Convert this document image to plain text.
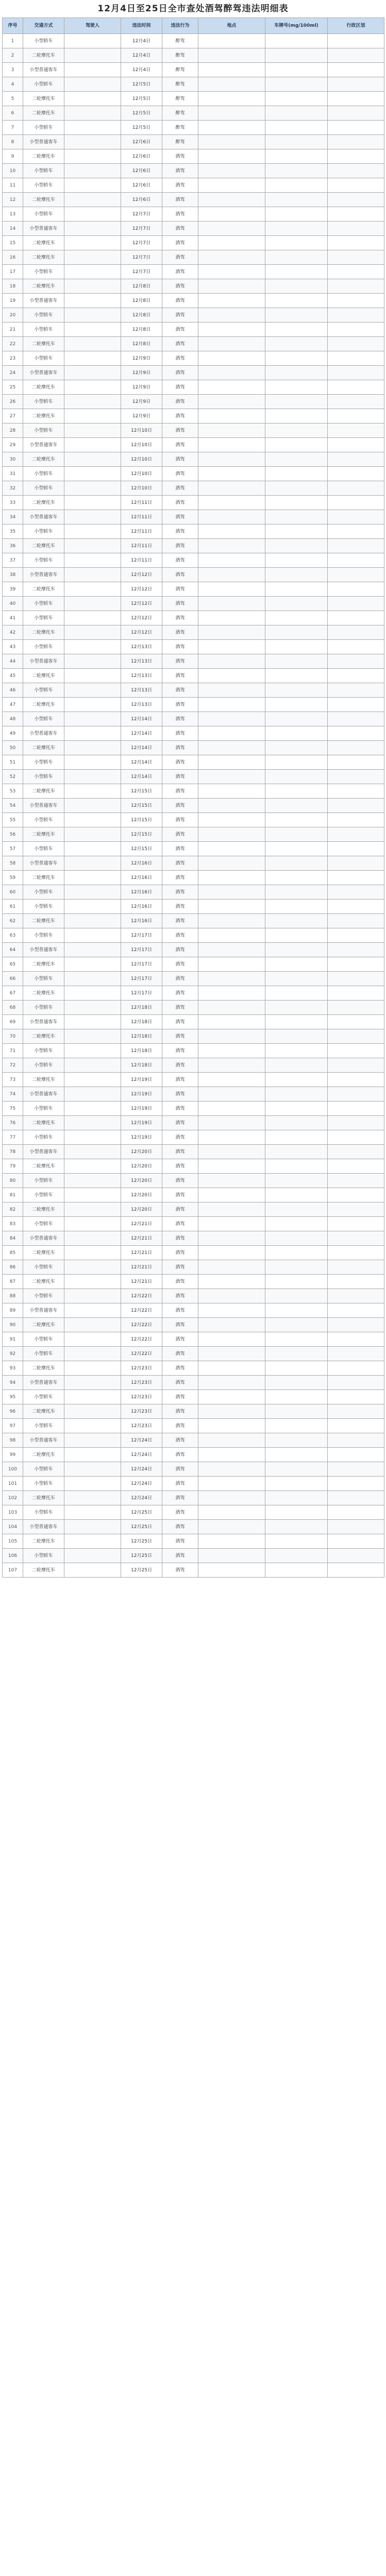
12月4日至25日全市查处酒驾醉驾违法明细表
序号	交通方式	驾驶人	违法时间	违法行为	地点	车牌号(mg/100ml)	行政区划
1	小型轿车		12月4日	醉驾			
2	二轮摩托车		12月4日	醉驾			
3	小型普通客车		12月4日	醉驾			
4	小型轿车		12月5日	醉驾			
5	二轮摩托车		12月5日	醉驾			
6	二轮摩托车		12月5日	醉驾			
7	小型轿车		12月5日	醉驾			
8	小型普通客车		12月6日	醉驾			
9	二轮摩托车		12月6日	酒驾			
10	小型轿车		12月6日	酒驾			
11	小型轿车		12月6日	酒驾			
12	二轮摩托车		12月6日	酒驾			
13	小型轿车		12月7日	酒驾			
14	小型普通客车		12月7日	酒驾			
15	二轮摩托车		12月7日	酒驾			
16	二轮摩托车		12月7日	酒驾			
17	小型轿车		12月7日	酒驾			
18	二轮摩托车		12月8日	酒驾			
19	小型普通客车		12月8日	酒驾			
20	小型轿车		12月8日	酒驾			
21	小型轿车		12月8日	酒驾			
22	二轮摩托车		12月8日	酒驾			
23	小型轿车		12月9日	酒驾			
24	小型普通客车		12月9日	酒驾			
25	二轮摩托车		12月9日	酒驾			
26	小型轿车		12月9日	酒驾			
27	二轮摩托车		12月9日	酒驾			
28	小型轿车		12月10日	酒驾			
29	小型普通客车		12月10日	酒驾			
30	二轮摩托车		12月10日	酒驾			
31	小型轿车		12月10日	酒驾			
32	小型轿车		12月10日	酒驾			
33	二轮摩托车		12月11日	酒驾			
34	小型普通客车		12月11日	酒驾			
35	小型轿车		12月11日	酒驾			
36	二轮摩托车		12月11日	酒驾			
37	小型轿车		12月11日	酒驾			
38	小型普通客车		12月12日	酒驾			
39	二轮摩托车		12月12日	酒驾			
40	小型轿车		12月12日	酒驾			
41	小型轿车		12月12日	酒驾			
42	二轮摩托车		12月12日	酒驾			
43	小型轿车		12月13日	酒驾			
44	小型普通客车		12月13日	酒驾			
45	二轮摩托车		12月13日	酒驾			
46	小型轿车		12月13日	酒驾			
47	二轮摩托车		12月13日	酒驾			
48	小型轿车		12月14日	酒驾			
49	小型普通客车		12月14日	酒驾			
50	二轮摩托车		12月14日	酒驾			
51	小型轿车		12月14日	酒驾			
52	小型轿车		12月14日	酒驾			
53	二轮摩托车		12月15日	酒驾			
54	小型普通客车		12月15日	酒驾			
55	小型轿车		12月15日	酒驾			
56	二轮摩托车		12月15日	酒驾			
57	小型轿车		12月15日	酒驾			
58	小型普通客车		12月16日	酒驾			
59	二轮摩托车		12月16日	酒驾			
60	小型轿车		12月16日	酒驾			
61	小型轿车		12月16日	酒驾			
62	二轮摩托车		12月16日	酒驾			
63	小型轿车		12月17日	酒驾			
64	小型普通客车		12月17日	酒驾			
65	二轮摩托车		12月17日	酒驾			
66	小型轿车		12月17日	酒驾			
67	二轮摩托车		12月17日	酒驾			
68	小型轿车		12月18日	酒驾			
69	小型普通客车		12月18日	酒驾			
70	二轮摩托车		12月18日	酒驾			
71	小型轿车		12月18日	酒驾			
72	小型轿车		12月18日	酒驾			
73	二轮摩托车		12月19日	酒驾			
74	小型普通客车		12月19日	酒驾			
75	小型轿车		12月19日	酒驾			
76	二轮摩托车		12月19日	酒驾			
77	小型轿车		12月19日	酒驾			
78	小型普通客车		12月20日	酒驾			
79	二轮摩托车		12月20日	酒驾			
80	小型轿车		12月20日	酒驾			
81	小型轿车		12月20日	酒驾			
82	二轮摩托车		12月20日	酒驾			
83	小型轿车		12月21日	酒驾			
84	小型普通客车		12月21日	酒驾			
85	二轮摩托车		12月21日	酒驾			
86	小型轿车		12月21日	酒驾			
87	二轮摩托车		12月21日	酒驾			
88	小型轿车		12月22日	酒驾			
89	小型普通客车		12月22日	酒驾			
90	二轮摩托车		12月22日	酒驾			
91	小型轿车		12月22日	酒驾			
92	小型轿车		12月22日	酒驾			
93	二轮摩托车		12月23日	酒驾			
94	小型普通客车		12月23日	酒驾			
95	小型轿车		12月23日	酒驾			
96	二轮摩托车		12月23日	酒驾			
97	小型轿车		12月23日	酒驾			
98	小型普通客车		12月24日	酒驾			
99	二轮摩托车		12月24日	酒驾			
100	小型轿车		12月24日	酒驾			
101	小型轿车		12月24日	酒驾			
102	二轮摩托车		12月24日	酒驾			
103	小型轿车		12月25日	酒驾			
104	小型普通客车		12月25日	酒驾			
105	二轮摩托车		12月25日	酒驾			
106	小型轿车		12月25日	酒驾			
107	二轮摩托车		12月25日	酒驾			
